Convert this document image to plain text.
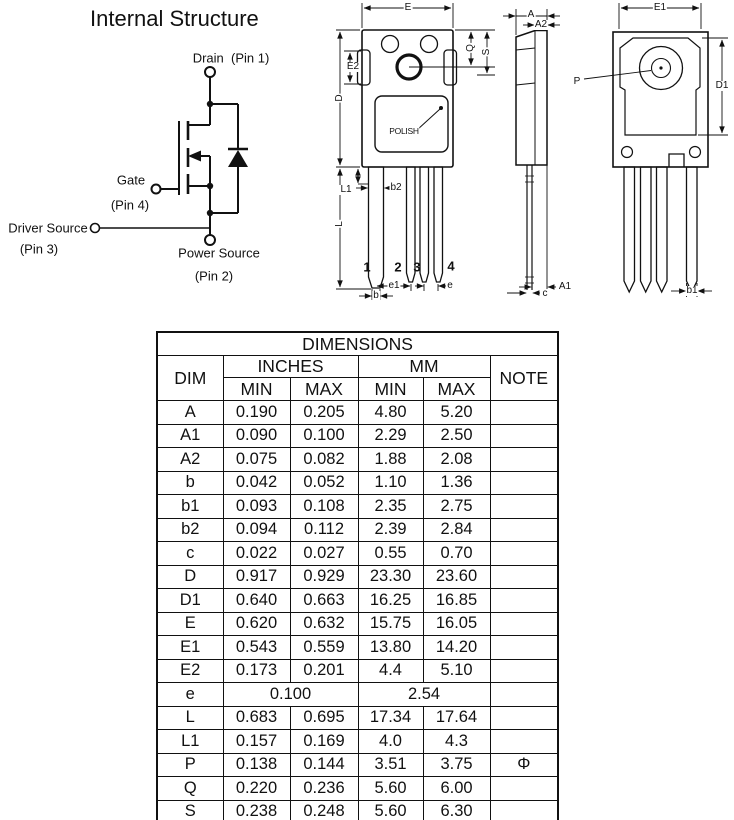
Internal Structure
Drain  (Pin 1)
Gate
(Pin 4)
Driver Source
(Pin 3)	Power Source
(Pin 2)
E
D
L
E2
Q
S
POLISH
L1	b2
e1	e
b
1 2 3 4
A
A2
A1
c
E1
D1
P
b1
DIMENSIONS					
DIM	INCHES		MM		NOTE
	MIN	MAX	MIN	MAX	
A	0.190	0.205	4.80	5.20	
A1	0.090	0.100	2.29	2.50	
A2	0.075	0.082	1.88	2.08	
b	0.042	0.052	1.10	1.36	
b1	0.093	0.108	2.35	2.75	
b2	0.094	0.112	2.39	2.84	
c	0.022	0.027	0.55	0.70	
D	0.917	0.929	23.30	23.60	
D1	0.640	0.663	16.25	16.85	
E	0.620	0.632	15.75	16.05	
E1	0.543	0.559	13.80	14.20	
E2	0.173	0.201	4.4	5.10	
e	0.100		2.54		
L	0.683	0.695	17.34	17.64	
L1	0.157	0.169	4.0	4.3	
P	0.138	0.144	3.51	3.75	Φ
Q	0.220	0.236	5.60	6.00	
S	0.238	0.248	5.60	6.30	
